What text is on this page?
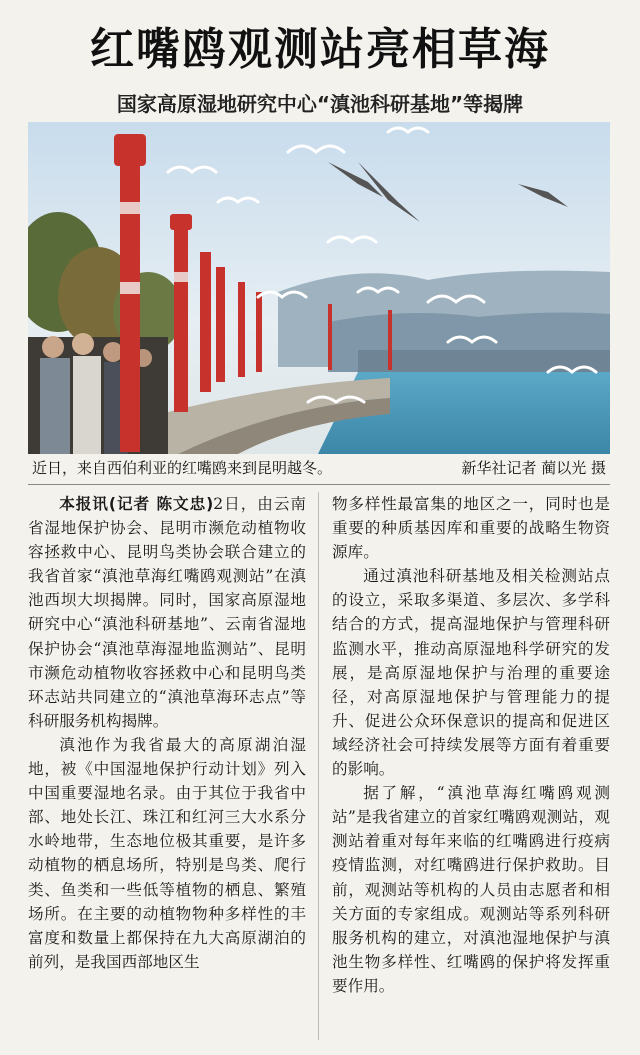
红嘴鸥观测站亮相草海
国家高原湿地研究中心“滇池科研基地”等揭牌
近日，来自西伯利亚的红嘴鸥来到昆明越冬。	新华社记者 蔺以光 摄

本报讯(记者 陈文忠)2日，由云南省湿地保护协会、昆明市濒危动植物收容拯救中心、昆明鸟类协会联合建立的我省首家“滇池草海红嘴鸥观测站”在滇池西坝大坝揭牌。同时，国家高原湿地研究中心“滇池科研基地”、云南省湿地保护协会“滇池草海湿地监测站”、昆明市濒危动植物收容拯救中心和昆明鸟类环志站共同建立的“滇池草海环志点”等科研服务机构揭牌。

滇池作为我省最大的高原湖泊湿地，被《中国湿地保护行动计划》列入中国重要湿地名录。由于其位于我省中部、地处长江、珠江和红河三大水系分水岭地带，生态地位极其重要，是许多动植物的栖息场所，特别是鸟类、爬行类、鱼类和一些低等植物的栖息、繁殖场所。在主要的动植物物种多样性的丰富度和数量上都保持在九大高原湖泊的前列，是我国西部地区生

物多样性最富集的地区之一，同时也是重要的种质基因库和重要的战略生物资源库。

通过滇池科研基地及相关检测站点的设立，采取多渠道、多层次、多学科结合的方式，提高湿地保护与管理科研监测水平，推动高原湿地科学研究的发展，是高原湿地保护与治理的重要途径，对高原湿地保护与管理能力的提升、促进公众环保意识的提高和促进区域经济社会可持续发展等方面有着重要的影响。

据了解，“滇池草海红嘴鸥观测站”是我省建立的首家红嘴鸥观测站，观测站着重对每年来临的红嘴鸥进行疫病疫情监测，对红嘴鸥进行保护救助。目前，观测站等机构的人员由志愿者和相关方面的专家组成。观测站等系列科研服务机构的建立，对滇池湿地保护与滇池生物多样性、红嘴鸥的保护将发挥重要作用。
